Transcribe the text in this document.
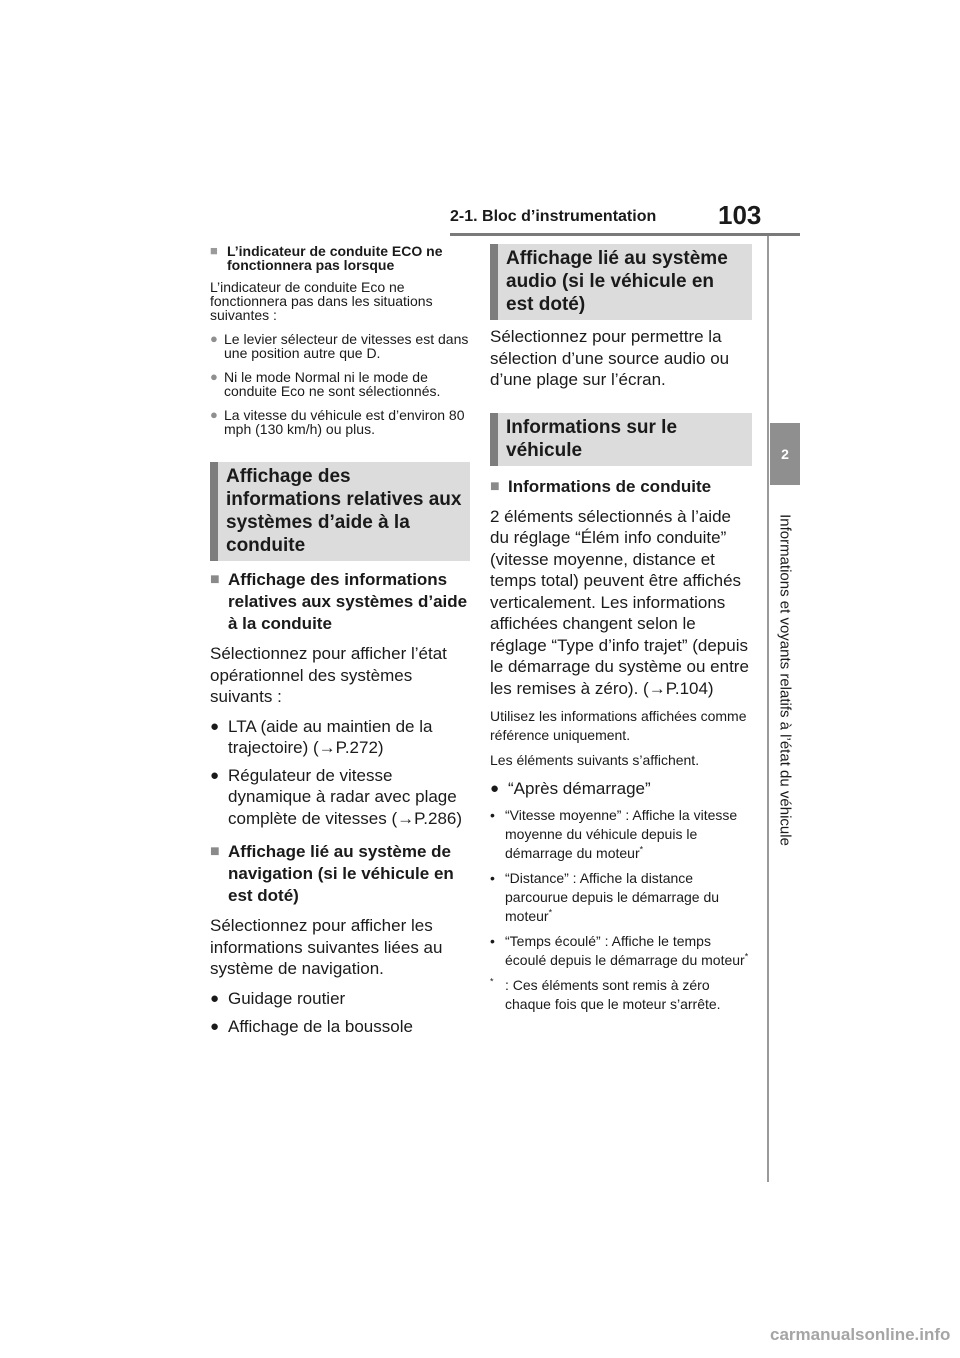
2-1. Bloc d’instrumentation 103
2
Informations et voyants relatifs à l’état du véhicule
■ L’indicateur de conduite ECO ne fonctionnera pas lorsque

L’indicateur de conduite Eco ne fonctionnera pas dans les situations suivantes :

● Le levier sélecteur de vitesses est dans une position autre que D.
● Ni le mode Normal ni le mode de conduite Eco ne sont sélectionnés.
● La vitesse du véhicule est d’environ 80 mph (130 km/h) ou plus.
Affichage des informations relatives aux systèmes d’aide à la conduite
■ Affichage des informations relatives aux systèmes d’aide à la conduite

Sélectionnez pour afficher l’état opérationnel des systèmes suivants :

● LTA (aide au maintien de la trajectoire) (→P.272)
● Régulateur de vitesse dynamique à radar avec plage complète de vitesses (→P.286)
■ Affichage lié au système de navigation (si le véhicule en est doté)

Sélectionnez pour afficher les informations suivantes liées au système de navigation.

● Guidage routier
● Affichage de la boussole
Affichage lié au système audio (si le véhicule en est doté)

Sélectionnez pour permettre la sélection d’une source audio ou d’une plage sur l’écran.

Informations sur le véhicule
■ Informations de conduite

2 éléments sélectionnés à l’aide du réglage “Élém info conduite” (vitesse moyenne, distance et temps total) peuvent être affichés verticalement. Les informations affichées changent selon le réglage “Type d’info trajet” (depuis le démarrage du système ou entre les remises à zéro). (→P.104)

Utilisez les informations affichées comme référence uniquement.

Les éléments suivants s’affichent.

● “Après démarrage”
• “Vitesse moyenne” : Affiche la vitesse moyenne du véhicule depuis le démarrage du moteur*
• “Distance” : Affiche la distance parcourue depuis le démarrage du moteur*
• “Temps écoulé” : Affiche le temps écoulé depuis le démarrage du moteur*
* : Ces éléments sont remis à zéro chaque fois que le moteur s’arrête.
carmanualsonline.info
